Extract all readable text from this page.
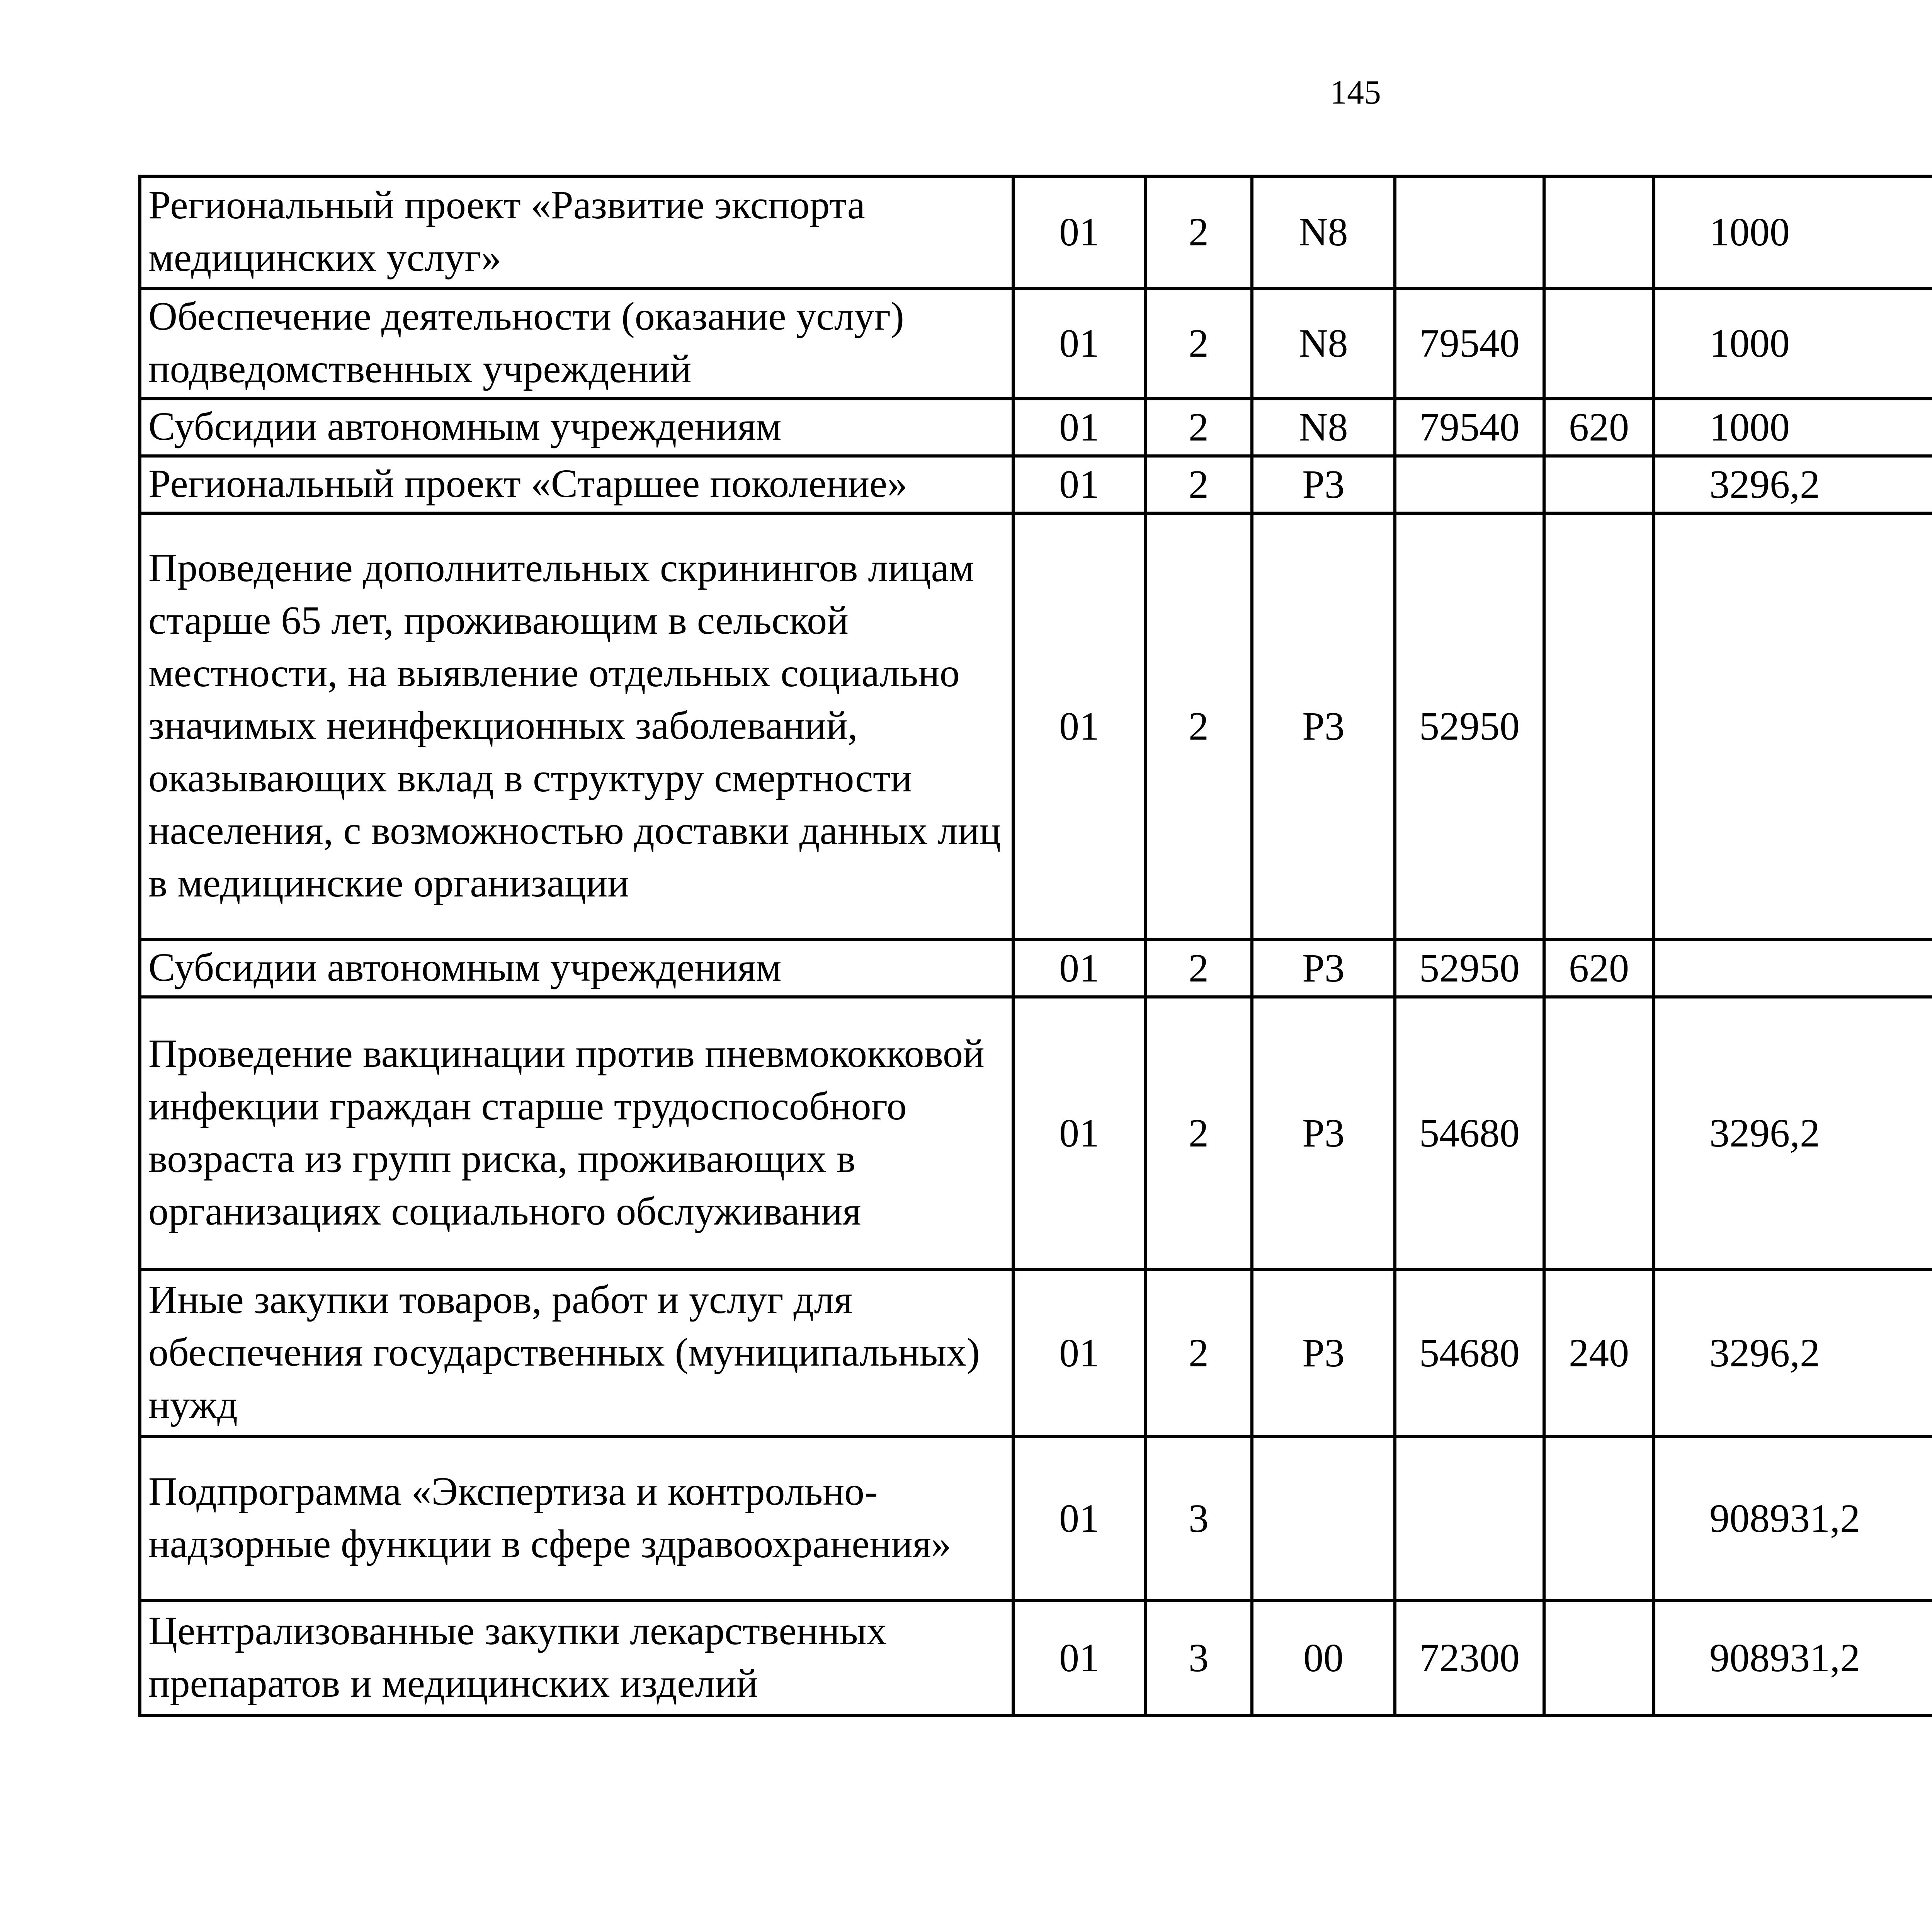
145
Региональный проект «Развитие экспорта медицинских услуг»	01	2	N8			1000		
Обеспечение деятельности (оказание услуг) подведомственных учреждений	01	2	N8	79540		1000		
Субсидии автономным учреждениям	01	2	N8	79540	620	1000		
Региональный проект «Старшее поколение»	01	2	P3			3296,2		
Проведение дополнительных скринингов лицам старше 65 лет, проживающим в сельской местности, на выявление отдельных социально значимых неинфекционных заболеваний, оказывающих вклад в структуру смертности населения, с возможностью доставки данных лиц в медицинские организации	01	2	P3	52950				
Субсидии автономным учреждениям	01	2	P3	52950	620			
Проведение вакцинации против пневмококковой инфекции граждан старше трудоспособного возраста из групп риска, проживающих в организациях социального обслуживания	01	2	P3	54680		3296,2		
Иные закупки товаров, работ и услуг для обеспечения государственных (муниципальных) нужд	01	2	P3	54680	240	3296,2		
Подпрограмма «Экспертиза и контрольно-надзорные функции в сфере здравоохранения»	01	3				908931,2		
Централизованные закупки лекарственных препаратов и медицинских изделий	01	3	00	72300		908931,2		
